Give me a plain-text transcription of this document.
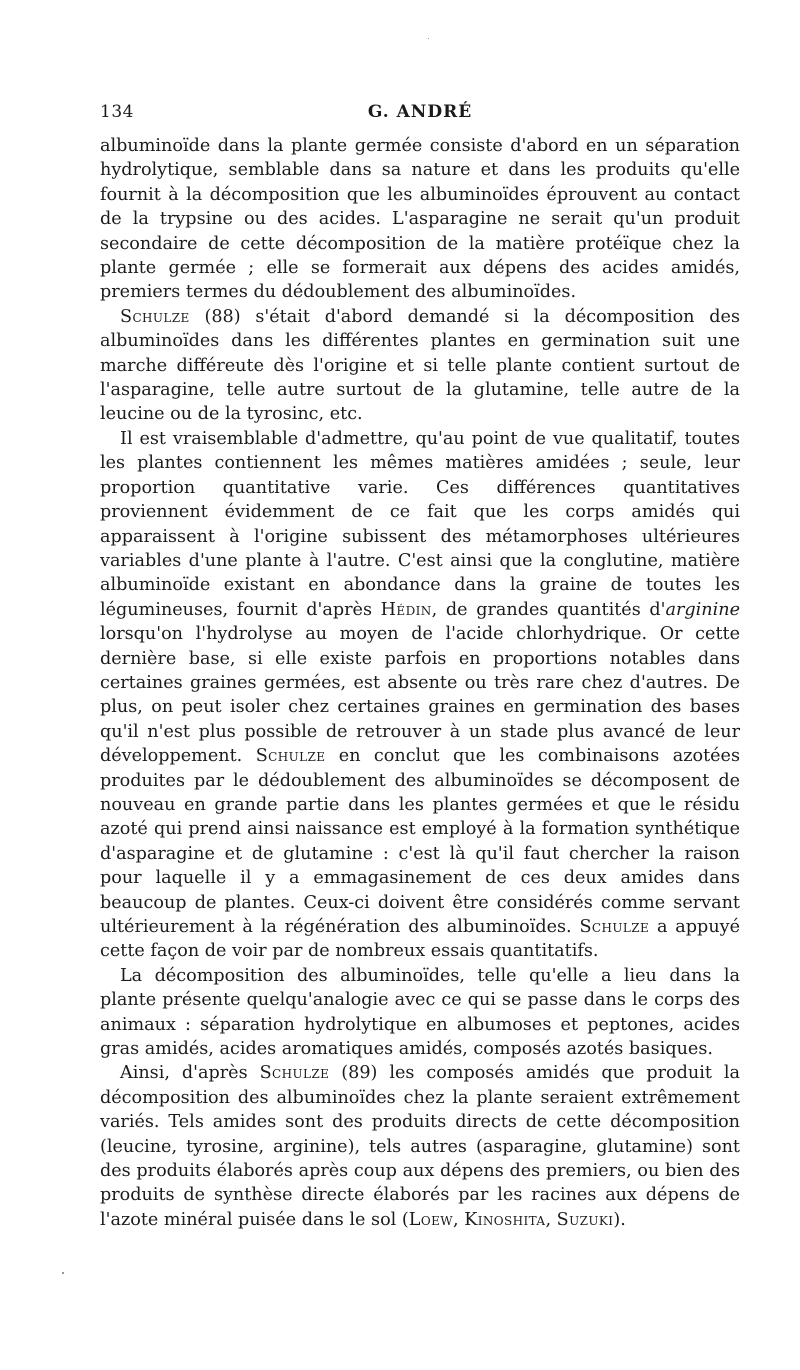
134	G. ANDRÉ

albuminoïde dans la plante germée consiste d'abord en un séparation hydrolytique, semblable dans sa nature et dans les produits qu'elle fournit à la décomposition que les albuminoïdes éprouvent au contact de la trypsine ou des acides. L'asparagine ne serait qu'un produit secondaire de cette décomposition de la matière protéïque chez la plante germée ; elle se formerait aux dépens des acides amidés, premiers termes du dédoublement des albuminoïdes.

Schulze (88) s'était d'abord demandé si la décomposition des albuminoïdes dans les différentes plantes en germination suit une marche différeute dès l'origine et si telle plante contient surtout de l'asparagine, telle autre surtout de la glutamine, telle autre de la leucine ou de la tyrosinc, etc.

Il est vraisemblable d'admettre, qu'au point de vue qualitatif, toutes les plantes contiennent les mêmes matières amidées ; seule, leur proportion quantitative varie. Ces différences quantitatives proviennent évidemment de ce fait que les corps amidés qui apparaissent à l'origine subissent des métamorphoses ultérieures variables d'une plante à l'autre. C'est ainsi que la conglutine, matière albuminoïde existant en abondance dans la graine de toutes les légumineuses, fournit d'après Hédin, de grandes quantités d'arginine lorsqu'on l'hydrolyse au moyen de l'acide chlorhydrique. Or cette dernière base, si elle existe parfois en proportions notables dans certaines graines germées, est absente ou très rare chez d'autres. De plus, on peut isoler chez certaines graines en germination des bases qu'il n'est plus possible de retrouver à un stade plus avancé de leur développement. Schulze en conclut que les combinaisons azotées produites par le dédoublement des albuminoïdes se décomposent de nouveau en grande partie dans les plantes germées et que le résidu azoté qui prend ainsi naissance est employé à la formation synthétique d'asparagine et de glutamine : c'est là qu'il faut chercher la raison pour laquelle il y a emmagasinement de ces deux amides dans beaucoup de plantes. Ceux-ci doivent être considérés comme servant ultérieurement à la régénération des albuminoïdes. Schulze a appuyé cette façon de voir par de nombreux essais quantitatifs.

La décomposition des albuminoïdes, telle qu'elle a lieu dans la plante présente quelqu'analogie avec ce qui se passe dans le corps des animaux : séparation hydrolytique en albumoses et peptones, acides gras amidés, acides aromatiques amidés, composés azotés basiques.

Ainsi, d'après Schulze (89) les composés amidés que produit la décomposition des albuminoïdes chez la plante seraient extrêmement variés. Tels amides sont des produits directs de cette décomposition (leucine, tyrosine, arginine), tels autres (asparagine, glutamine) sont des produits élaborés après coup aux dépens des premiers, ou bien des produits de synthèse directe élaborés par les racines aux dépens de l'azote minéral puisée dans le sol (Loew, Kinoshita, Suzuki).
